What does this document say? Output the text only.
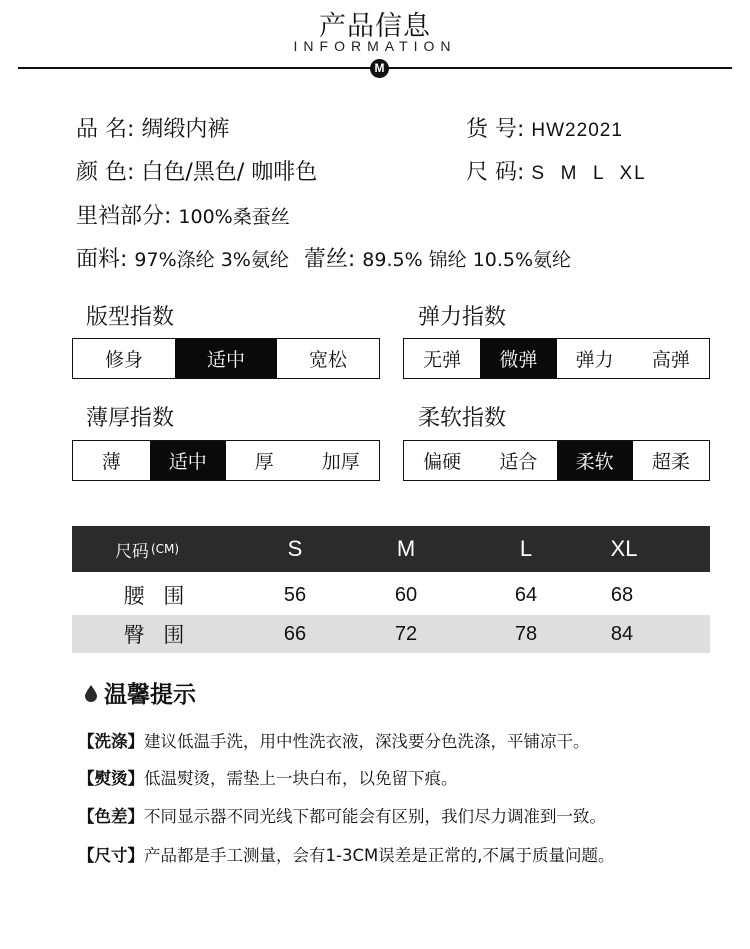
产品信息
INFORMATION
M
品 名: 绸缎内裤	货 号: HW22021
颜 色: 白色/黑色/ 咖啡色	尺 码: S  M  L  XL
里裆部分: 100%桑蚕丝
面料: 97%涤纶 3%氨纶 蕾丝: 89.5% 锦纶 10.5%氨纶
版型指数
修身	适中	宽松
弹力指数
无弹	微弹	弹力	高弹
薄厚指数
薄	适中	厚	加厚
柔软指数
偏硬	适合	柔软	超柔
尺码 (CM)	S	M	L	XL
腰 围	56	60	64	68
臀 围	66	72	78	84
温馨提示
【洗涤】建议低温手洗，用中性洗衣液，深浅要分色洗涤，平铺凉干。
【熨烫】低温熨烫，需垫上一块白布，以免留下痕。
【色差】不同显示器不同光线下都可能会有区别，我们尽力调准到一致。
【尺寸】产品都是手工测量，会有1-3CM误差是正常的,不属于质量问题。
